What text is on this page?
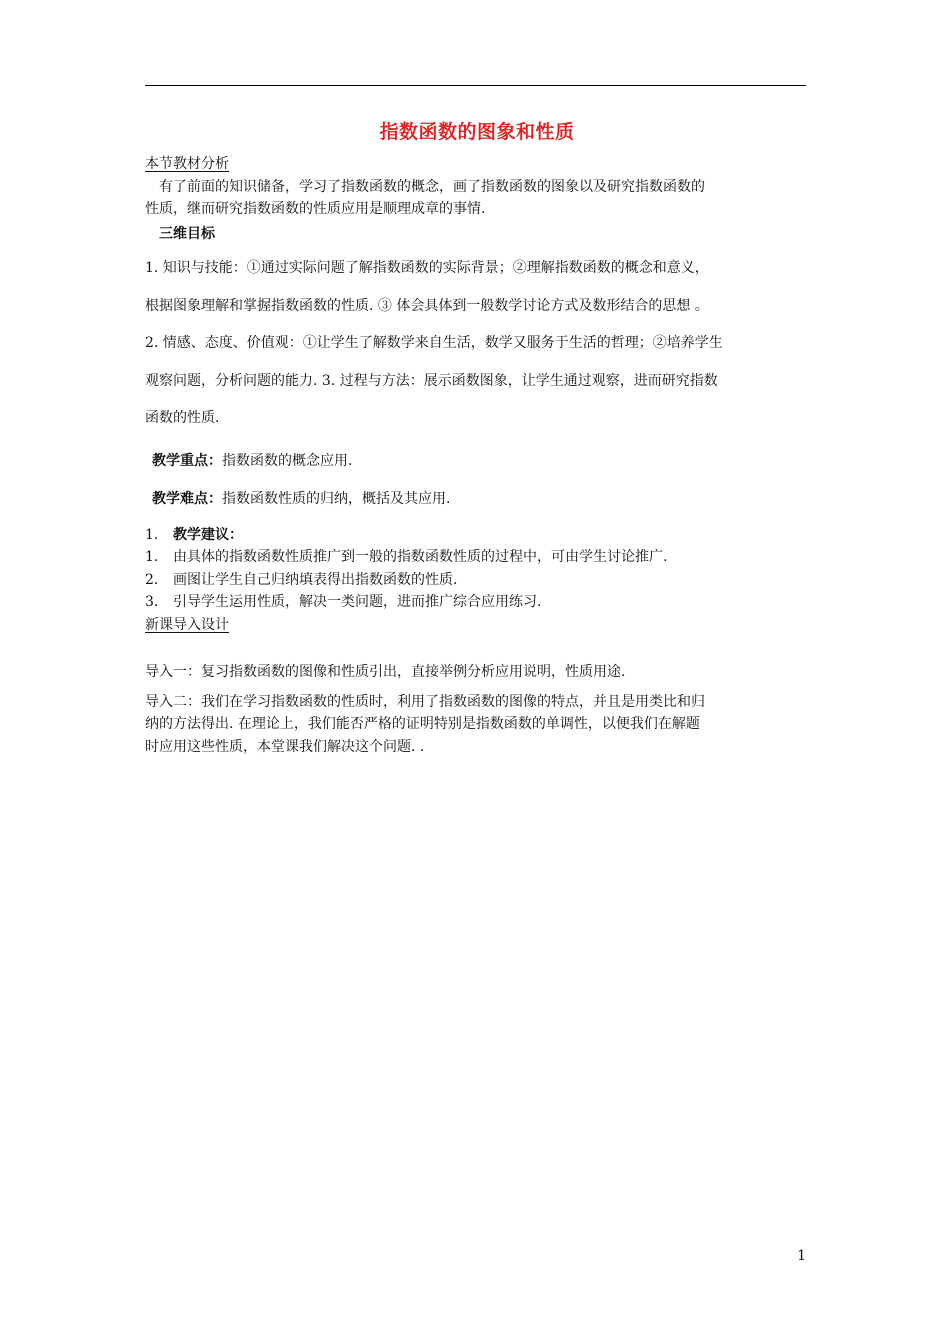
指数函数的图象和性质

本节教材分析

有了前面的知识储备，学习了指数函数的概念，画了指数函数的图象以及研究指数函数的

性质，继而研究指数函数的性质应用是顺理成章的事情.

三维目标

1. 知识与技能：①通过实际问题了解指数函数的实际背景；②理解指数函数的概念和意义，

根据图象理解和掌握指数函数的性质. ③ 体会具体到一般数学讨论方式及数形结合的思想 。

2. 情感、态度、价值观：①让学生了解数学来自生活，数学又服务于生活的哲理；②培养学生

观察问题，分析问题的能力. 3. 过程与方法：展示函数图象，让学生通过观察，进而研究指数

函数的性质.

教学重点：指数函数的概念应用.

教学难点：指数函数性质的归纳，概括及其应用.

1. 教学建议：

1. 由具体的指数函数性质推广到一般的指数函数性质的过程中，可由学生讨论推广.

2. 画图让学生自己归纳填表得出指数函数的性质.

3. 引导学生运用性质，解决一类问题，进而推广综合应用练习.

新课导入设计

导入一：复习指数函数的图像和性质引出，直接举例分析应用说明，性质用途.

导入二：我们在学习指数函数的性质时，利用了指数函数的图像的特点，并且是用类比和归

纳的方法得出. 在理论上，我们能否严格的证明特别是指数函数的单调性，以便我们在解题

时应用这些性质，本堂课我们解决这个问题. .

1
